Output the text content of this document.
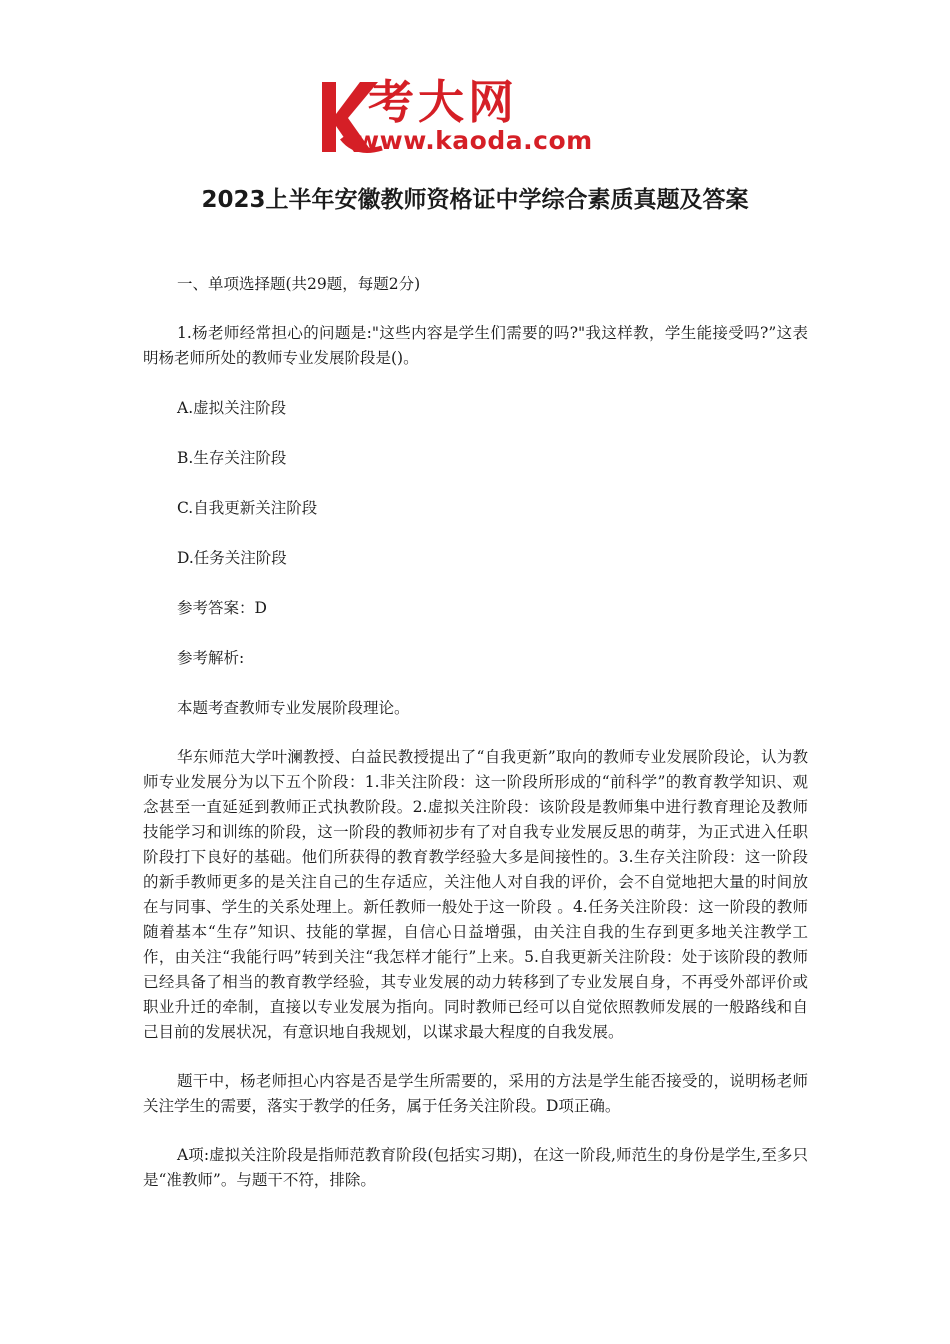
考大网
www.kaoda.com
2023上半年安徽教师资格证中学综合素质真题及答案

一、单项选择题(共29题，每题2分)

1.杨老师经常担心的问题是:"这些内容是学生们需要的吗?"我这样教，学生能接受吗?”这表明杨老师所处的教师专业发展阶段是()。

A.虚拟关注阶段

B.生存关注阶段

C.自我更新关注阶段

D.任务关注阶段

参考答案：D

参考解析:

本题考查教师专业发展阶段理论。

华东师范大学叶澜教授、白益民教授提出了“自我更新”取向的教师专业发展阶段论，认为教师专业发展分为以下五个阶段：1.非关注阶段：这一阶段所形成的“前科学”的教育教学知识、观念甚至一直延延到教师正式执教阶段。2.虚拟关注阶段：该阶段是教师集中进行教育理论及教师技能学习和训练的阶段，这一阶段的教师初步有了对自我专业发展反思的萌芽，为正式进入任职阶段打下良好的基础。他们所获得的教育教学经验大多是间接性的。3.生存关注阶段：这一阶段的新手教师更多的是关注自己的生存适应，关注他人对自我的评价，会不自觉地把大量的时间放在与同事、学生的关系处理上。新任教师一般处于这一阶段 。4.任务关注阶段：这一阶段的教师随着基本“生存”知识、技能的掌握，自信心日益增强，由关注自我的生存到更多地关注教学工作，由关注“我能行吗”转到关注“我怎样才能行”上来。5.自我更新关注阶段：处于该阶段的教师已经具备了相当的教育教学经验，其专业发展的动力转移到了专业发展自身，不再受外部评价或职业升迁的牵制，直接以专业发展为指向。同时教师已经可以自觉依照教师发展的一般路线和自己目前的发展状况，有意识地自我规划，以谋求最大程度的自我发展。

题干中，杨老师担心内容是否是学生所需要的，采用的方法是学生能否接受的，说明杨老师关注学生的需要，落实于教学的任务，属于任务关注阶段。D项正确。

A项:虚拟关注阶段是指师范教育阶段(包括实习期)，在这一阶段,师范生的身份是学生,至多只是“准教师”。与题干不符，排除。
